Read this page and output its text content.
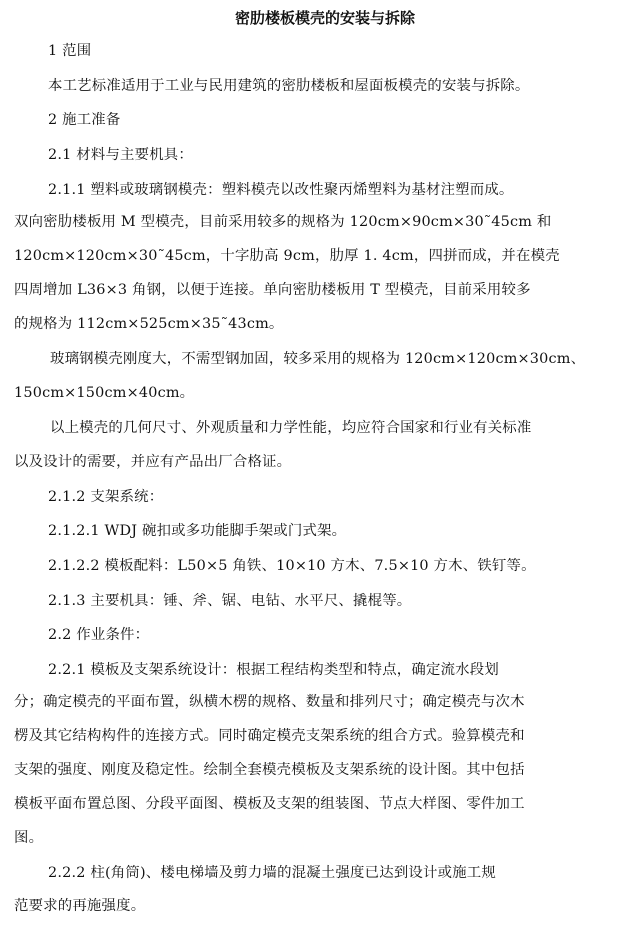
密肋楼板模壳的安装与拆除
1 范围
本工艺标准适用于工业与民用建筑的密肋楼板和屋面板模壳的安装与拆除。
2 施工准备
2.1 材料与主要机具：
2.1.1 塑料或玻璃钢模壳：塑料模壳以改性聚丙烯塑料为基材注塑而成。
双向密肋楼板用 M 型模壳，目前采用较多的规格为 120cm×90cm×30˜45cm 和
120cm×120cm×30˜45cm，十字肋高 9cm，肋厚 1. 4cm，四拼而成，并在模壳
四周增加 L36×3 角钢，以便于连接。单向密肋楼板用 T 型模壳，目前采用较多
的规格为 112cm×525cm×35˜43cm。
玻璃钢模壳刚度大，不需型钢加固，较多采用的规格为 120cm×120cm×30cm、
150cm×150cm×40cm。
以上模壳的几何尺寸、外观质量和力学性能，均应符合国家和行业有关标准
以及设计的需要，并应有产品出厂合格证。
2.1.2 支架系统：
2.1.2.1 WDJ 碗扣或多功能脚手架或门式架。
2.1.2.2 模板配料：L50×5 角铁、10×10 方木、7.5×10 方木、铁钉等。
2.1.3 主要机具：锤、斧、锯、电钻、水平尺、撬棍等。
2.2 作业条件：
2.2.1 模板及支架系统设计：根据工程结构类型和特点，确定流水段划
分；确定模壳的平面布置，纵横木楞的规格、数量和排列尺寸；确定模壳与次木
楞及其它结构构件的连接方式。同时确定模壳支架系统的组合方式。验算模壳和
支架的强度、刚度及稳定性。绘制全套模壳模板及支架系统的设计图。其中包括
模板平面布置总图、分段平面图、模板及支架的组装图、节点大样图、零件加工
图。
2.2.2 柱(角筒)、楼电梯墙及剪力墙的混凝土强度已达到设计或施工规
范要求的再施强度。
